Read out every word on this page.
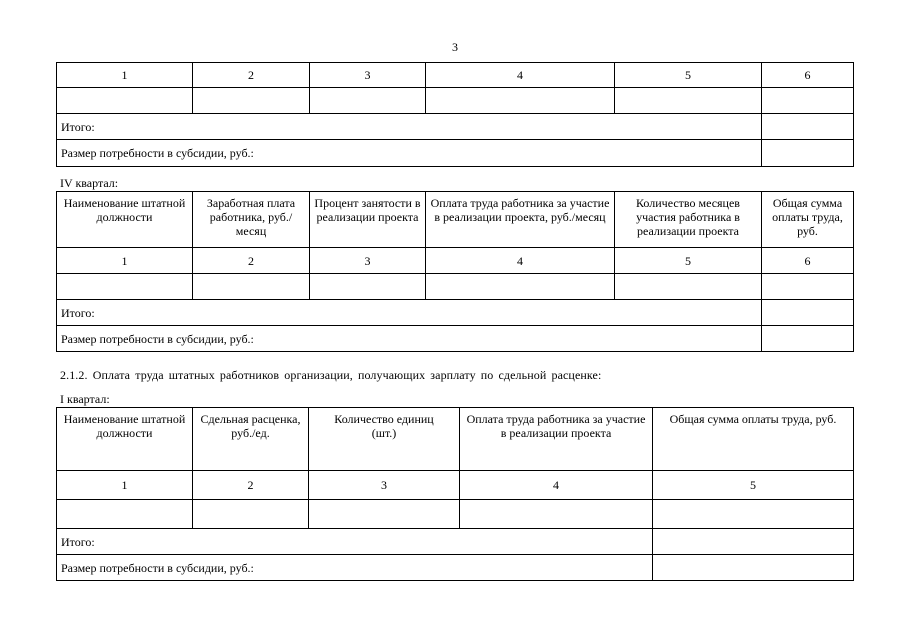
3
1	2	3	4	5	6

Итого:					
Размер потребности в субсидии, руб.:					
IV квартал:
Наименование штатной должности	Заработная плата работника, руб./месяц	Процент занятости в реализации проекта	Оплата труда работника за участие в реализации проекта, руб./месяц	Количество месяцев участия работника в реализации проекта	Общая сумма оплаты труда, руб.
1	2	3	4	5	6

Итого:					
Размер потребности в субсидии, руб.:					
2.1.2. Оплата труда штатных работников организации, получающих зарплату по сдельной расценке:
I квартал:
Наименование штатной должности	Сдельная расценка, руб./ед.	Количество единиц (шт.)	Оплата труда работника за участие в реализации проекта	Общая сумма оплаты труда, руб.
1	2	3	4	5

Итого:				
Размер потребности в субсидии, руб.:				
